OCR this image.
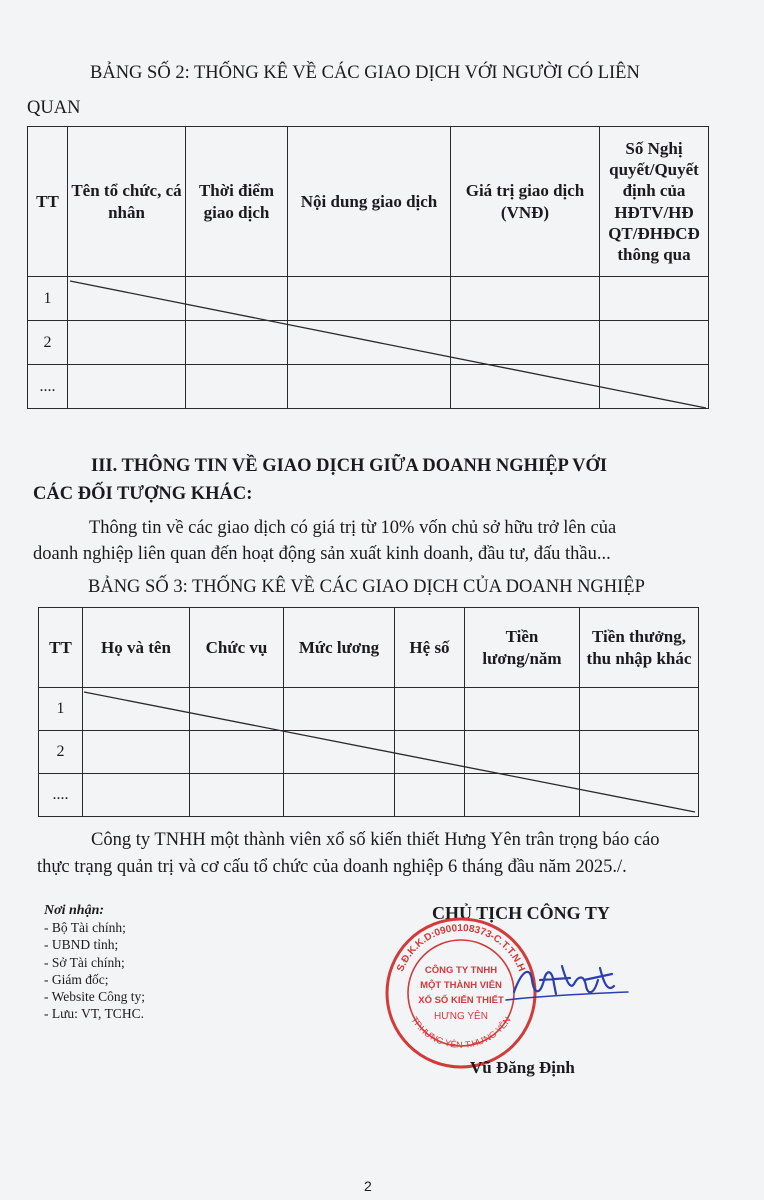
BẢNG SỐ 2: THỐNG KÊ VỀ CÁC GIAO DỊCH VỚI NGƯỜI CÓ LIÊN
QUAN
TT	Tên tổ chức, cá nhân	Thời điểm giao dịch	Nội dung giao dịch	Giá trị giao dịch (VNĐ)	Số Nghị quyết/Quyết định của HĐTV/HĐ QT/ĐHĐCĐ thông qua
1					
2					
....					
III. THÔNG TIN VỀ GIAO DỊCH GIỮA DOANH NGHIỆP VỚI
CÁC ĐỐI TƯỢNG KHÁC:
Thông tin về các giao dịch có giá trị từ 10% vốn chủ sở hữu trở lên của
doanh nghiệp liên quan đến hoạt động sản xuất kinh doanh, đầu tư, đấu thầu...
BẢNG SỐ 3: THỐNG KÊ VỀ CÁC GIAO DỊCH CỦA DOANH NGHIỆP
TT	Họ và tên	Chức vụ	Mức lương	Hệ số	Tiền lương/năm	Tiền thưởng, thu nhập khác
1						
2						
....						
Công ty TNHH một thành viên xổ số kiến thiết Hưng Yên trân trọng báo cáo
thực trạng quản trị và cơ cấu tổ chức của doanh nghiệp 6 tháng đầu năm 2025./.
Nơi nhận:
- Bộ Tài chính;
- UBND tỉnh;
- Sở Tài chính;
- Giám đốc;
- Website Công ty;
- Lưu: VT, TCHC.
CHỦ TỊCH CÔNG TY
S.Đ.K.K.D:0900108373-C.T.T.N.H
TP.HƯNG YÊN-T.HƯNG YÊN
CÔNG TY TNHH
MỘT THÀNH VIÊN
XỔ SỐ KIẾN THIẾT
HƯNG YÊN
Vũ Đăng Định
2
